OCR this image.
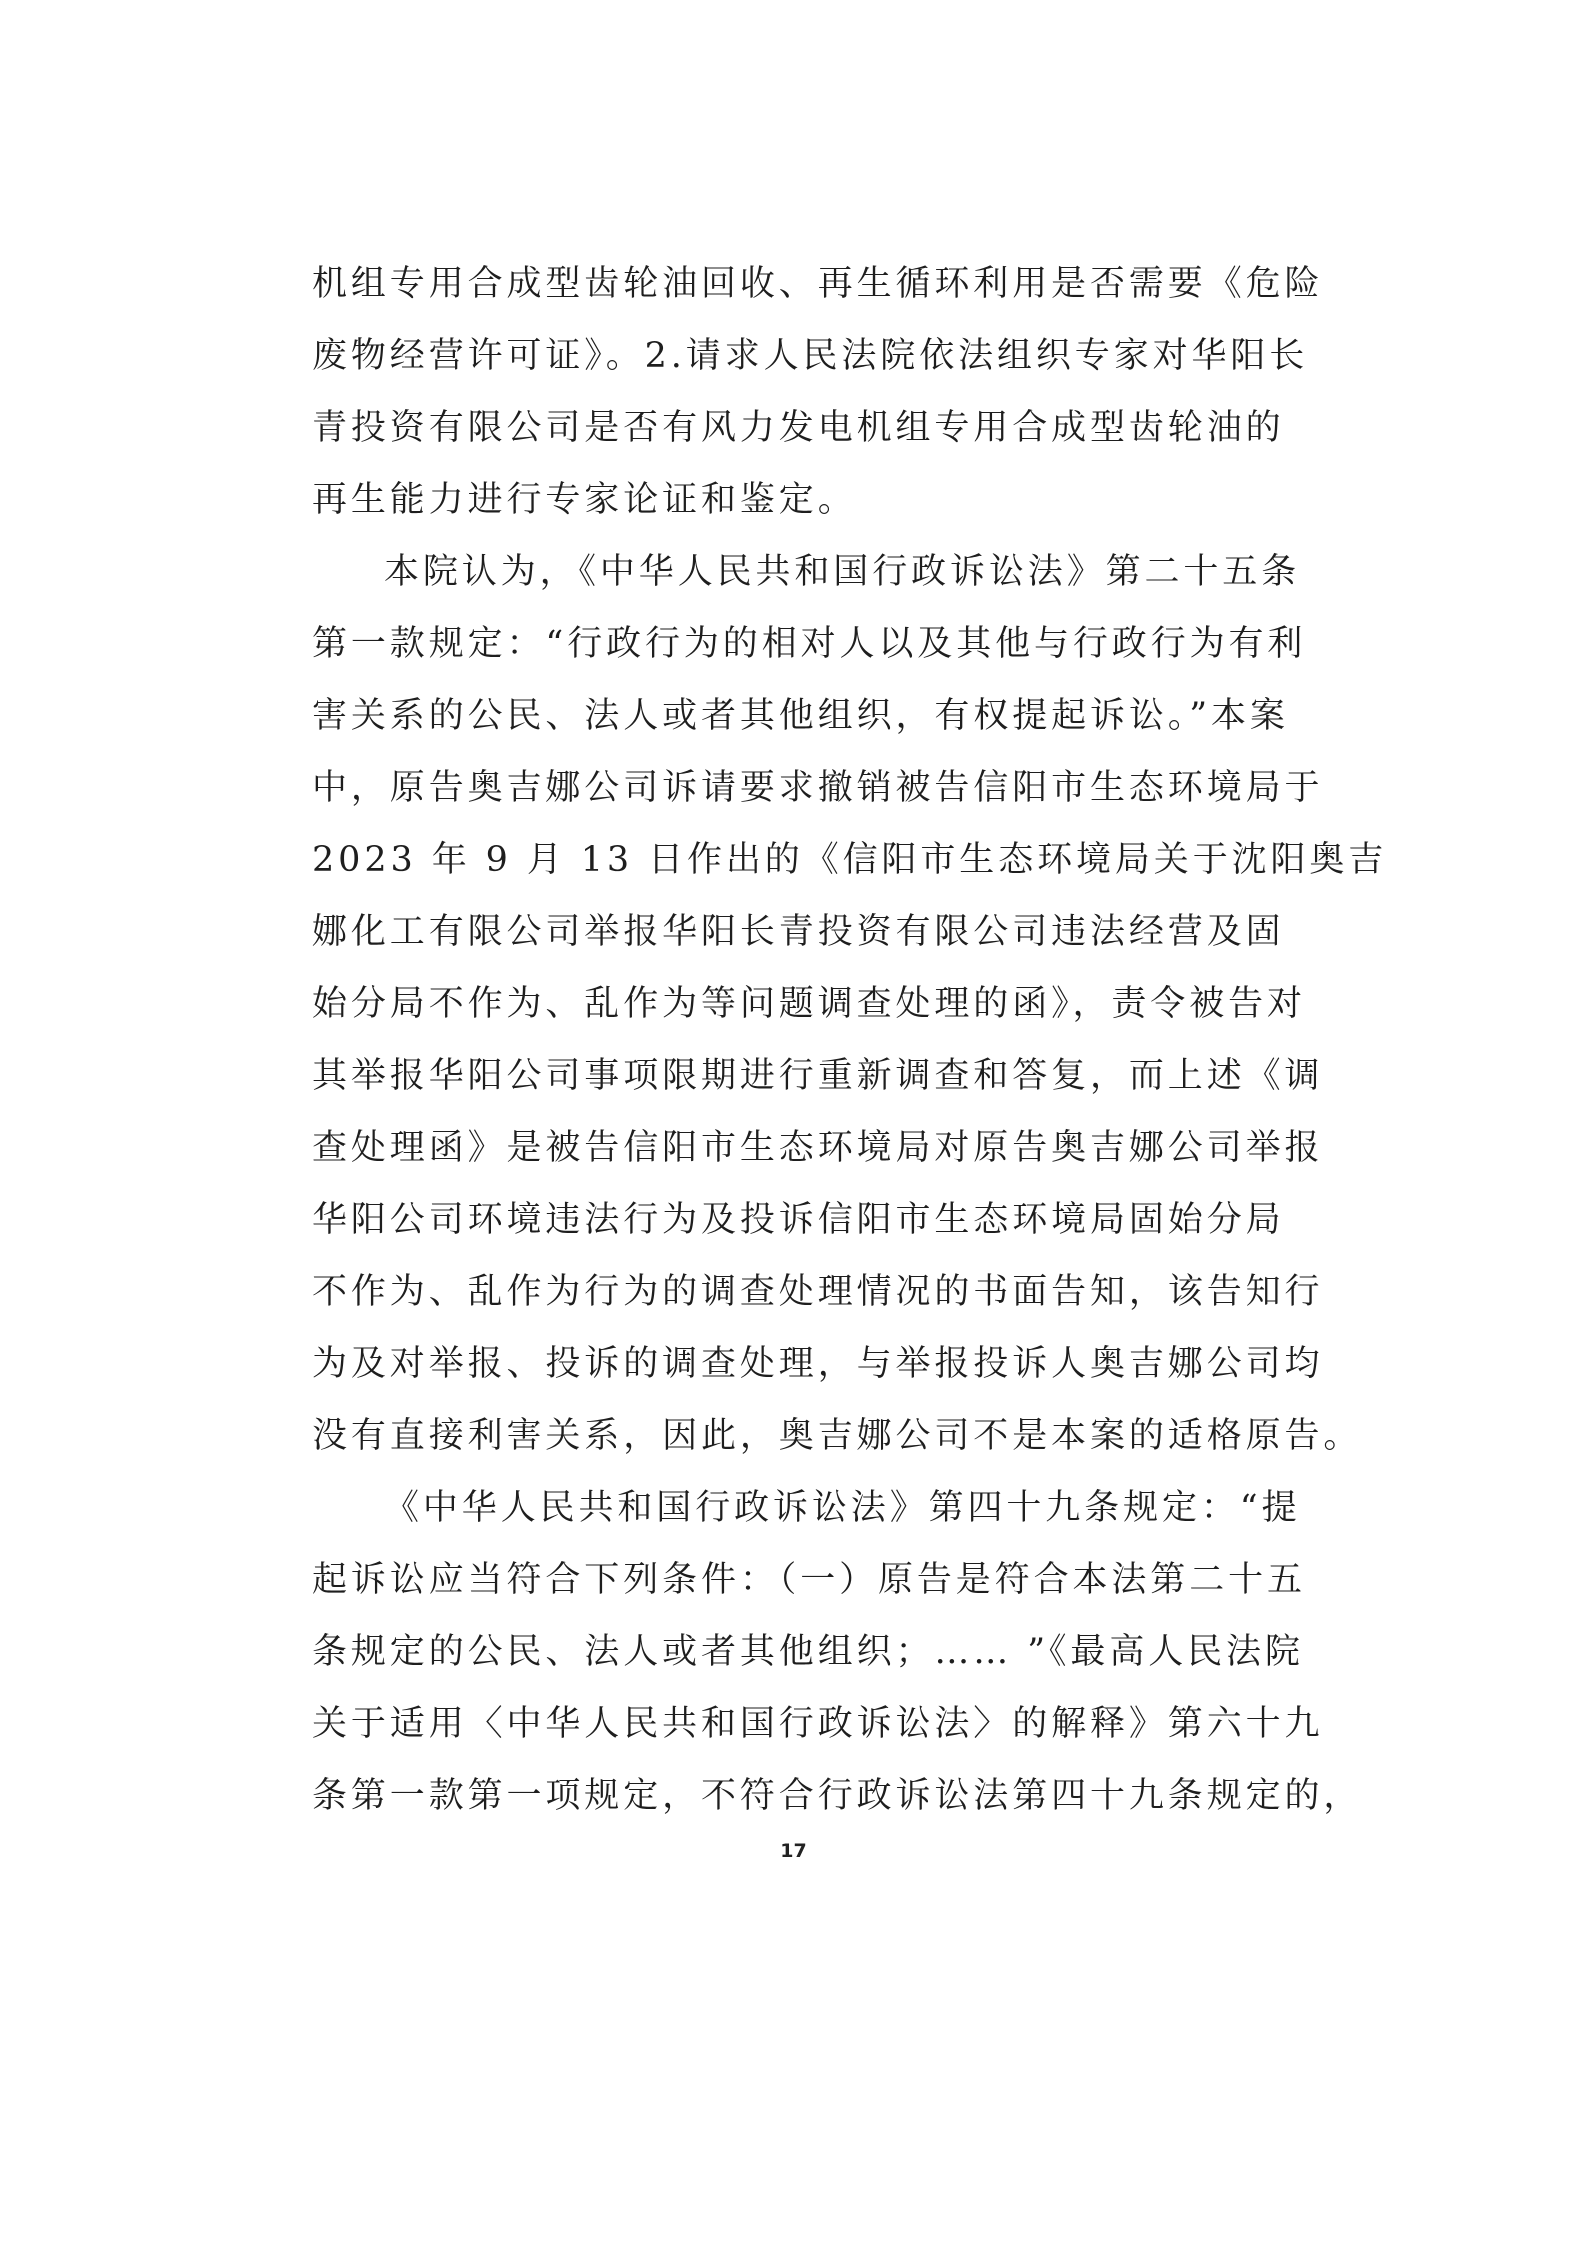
机组专用合成型齿轮油回收、再生循环利用是否需要《危险
废物经营许可证》。2.请求人民法院依法组织专家对华阳长
青投资有限公司是否有风力发电机组专用合成型齿轮油的
再生能力进行专家论证和鉴定。
本院认为，《中华人民共和国行政诉讼法》第二十五条
第一款规定：“行政行为的相对人以及其他与行政行为有利
害关系的公民、法人或者其他组织，有权提起诉讼。”本案
中，原告奥吉娜公司诉请要求撤销被告信阳市生态环境局于
2023 年 9 月 13 日作出的《信阳市生态环境局关于沈阳奥吉
娜化工有限公司举报华阳长青投资有限公司违法经营及固
始分局不作为、乱作为等问题调查处理的函》，责令被告对
其举报华阳公司事项限期进行重新调查和答复，而上述《调
查处理函》是被告信阳市生态环境局对原告奥吉娜公司举报
华阳公司环境违法行为及投诉信阳市生态环境局固始分局
不作为、乱作为行为的调查处理情况的书面告知，该告知行
为及对举报、投诉的调查处理，与举报投诉人奥吉娜公司均
没有直接利害关系，因此，奥吉娜公司不是本案的适格原告。
《中华人民共和国行政诉讼法》第四十九条规定：“提
起诉讼应当符合下列条件：（一）原告是符合本法第二十五
条规定的公民、法人或者其他组织；…… ”《最高人民法院
关于适用〈中华人民共和国行政诉讼法〉的解释》第六十九
条第一款第一项规定，不符合行政诉讼法第四十九条规定的，
17
